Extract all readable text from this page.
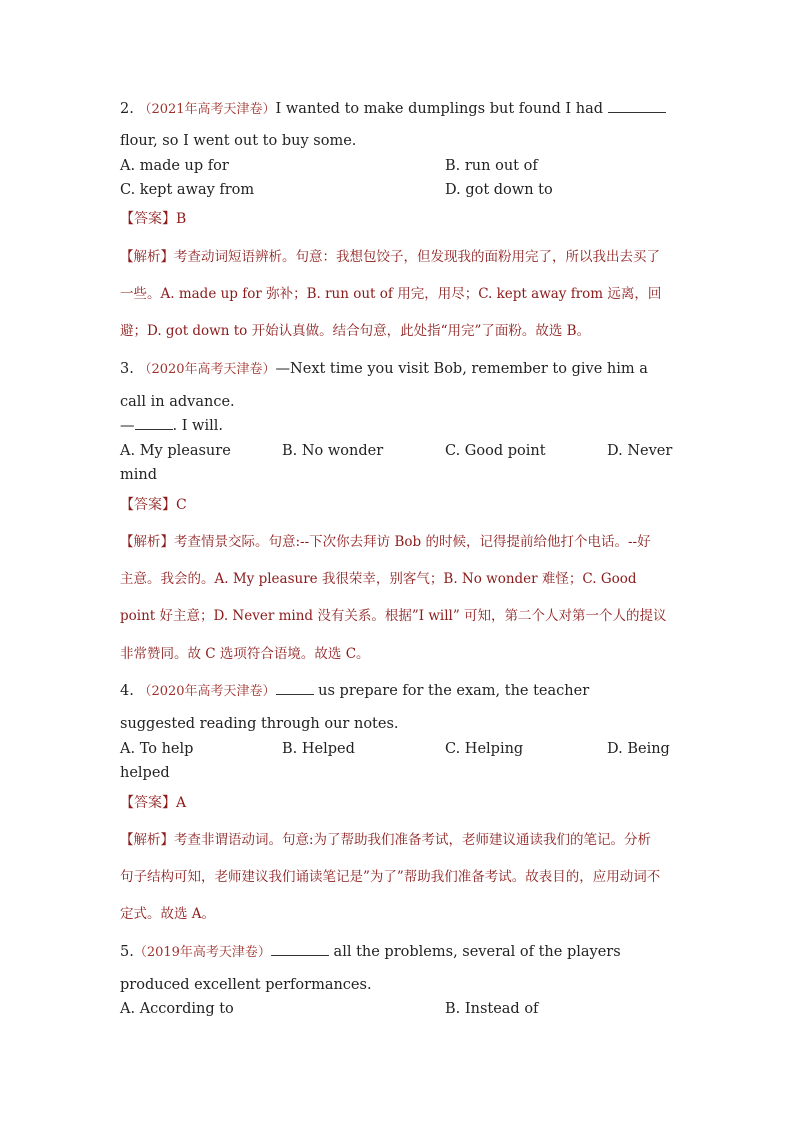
2. （2021年高考天津卷）I wanted to make dumplings but found I had
flour, so I went out to buy some.
A. made up for	B. run out of
C. kept away from	D. got down to
【答案】B
【解析】考查动词短语辨析。句意：我想包饺子，但发现我的面粉用完了，所以我出去买了
一些。A. made up for 弥补；B. run out of 用完，用尽；C. kept away from 远离，回
避；D. got down to 开始认真做。结合句意，此处指“用完”了面粉。故选 B。
3. （2020年高考天津卷）—Next time you visit Bob, remember to give him a
call in advance.
—	. I will.
A. My pleasure	B. No wonder	C. Good point	D. Never
mind
【答案】C
【解析】考查情景交际。句意:--下次你去拜访 Bob 的时候，记得提前给他打个电话。--好
主意。我会的。A. My pleasure 我很荣幸，别客气；B. No wonder 难怪；C. Good
point 好主意；D. Never mind 没有关系。根据”I will” 可知，第二个人对第一个人的提议
非常赞同。故 C 选项符合语境。故选 C。
4. （2020年高考天津卷）	us prepare for the exam, the teacher
suggested reading through our notes.
A. To help	B. Helped	C. Helping	D. Being
helped
【答案】A
【解析】考查非谓语动词。句意:为了帮助我们准备考试，老师建议通读我们的笔记。分析
句子结构可知，老师建议我们诵读笔记是”为了”帮助我们准备考试。故表目的，应用动词不
定式。故选 A。
5.（2019年高考天津卷）	all the problems, several of the players
produced excellent performances.
A. According to	B. Instead of
